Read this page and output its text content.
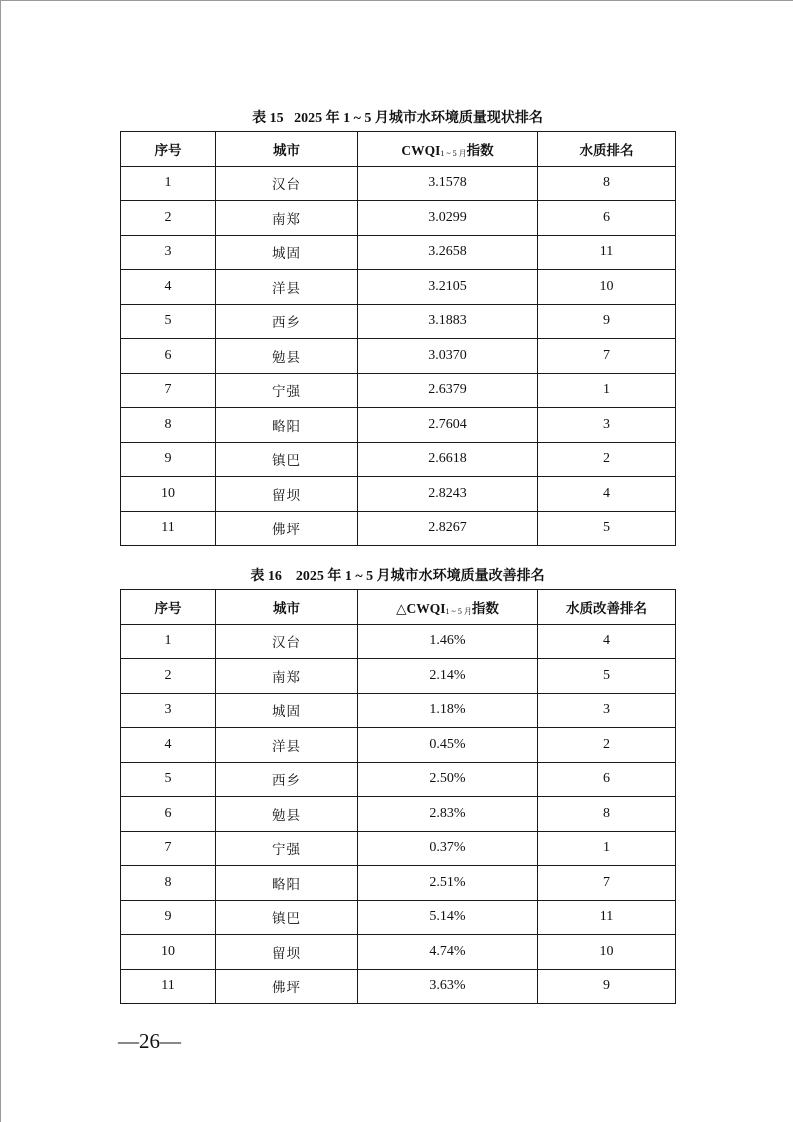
表 15   2025 年 1 ~ 5 月城市水环境质量现状排名
序号	城市	$CWQI_{1 \sim 5 月}$指数	水质排名
1	汉台	3.1578	8
2	南郑	3.0299	6
3	城固	3.2658	11
4	洋县	3.2105	10
5	西乡	3.1883	9
6	勉县	3.0370	7
7	宁强	2.6379	1
8	略阳	2.7604	3
9	镇巴	2.6618	2
10	留坝	2.8243	4
11	佛坪	2.8267	5
表 16    2025 年 1 ~ 5 月城市水环境质量改善排名
序号	城市	$\triangle CWQI_{1 \sim 5 月}$指数	水质改善排名
1	汉台	1.46%	4
2	南郑	2.14%	5
3	城固	1.18%	3
4	洋县	0.45%	2
5	西乡	2.50%	6
6	勉县	2.83%	8
7	宁强	0.37%	1
8	略阳	2.51%	7
9	镇巴	5.14%	11
10	留坝	4.74%	10
11	佛坪	3.63%	9
—26—
